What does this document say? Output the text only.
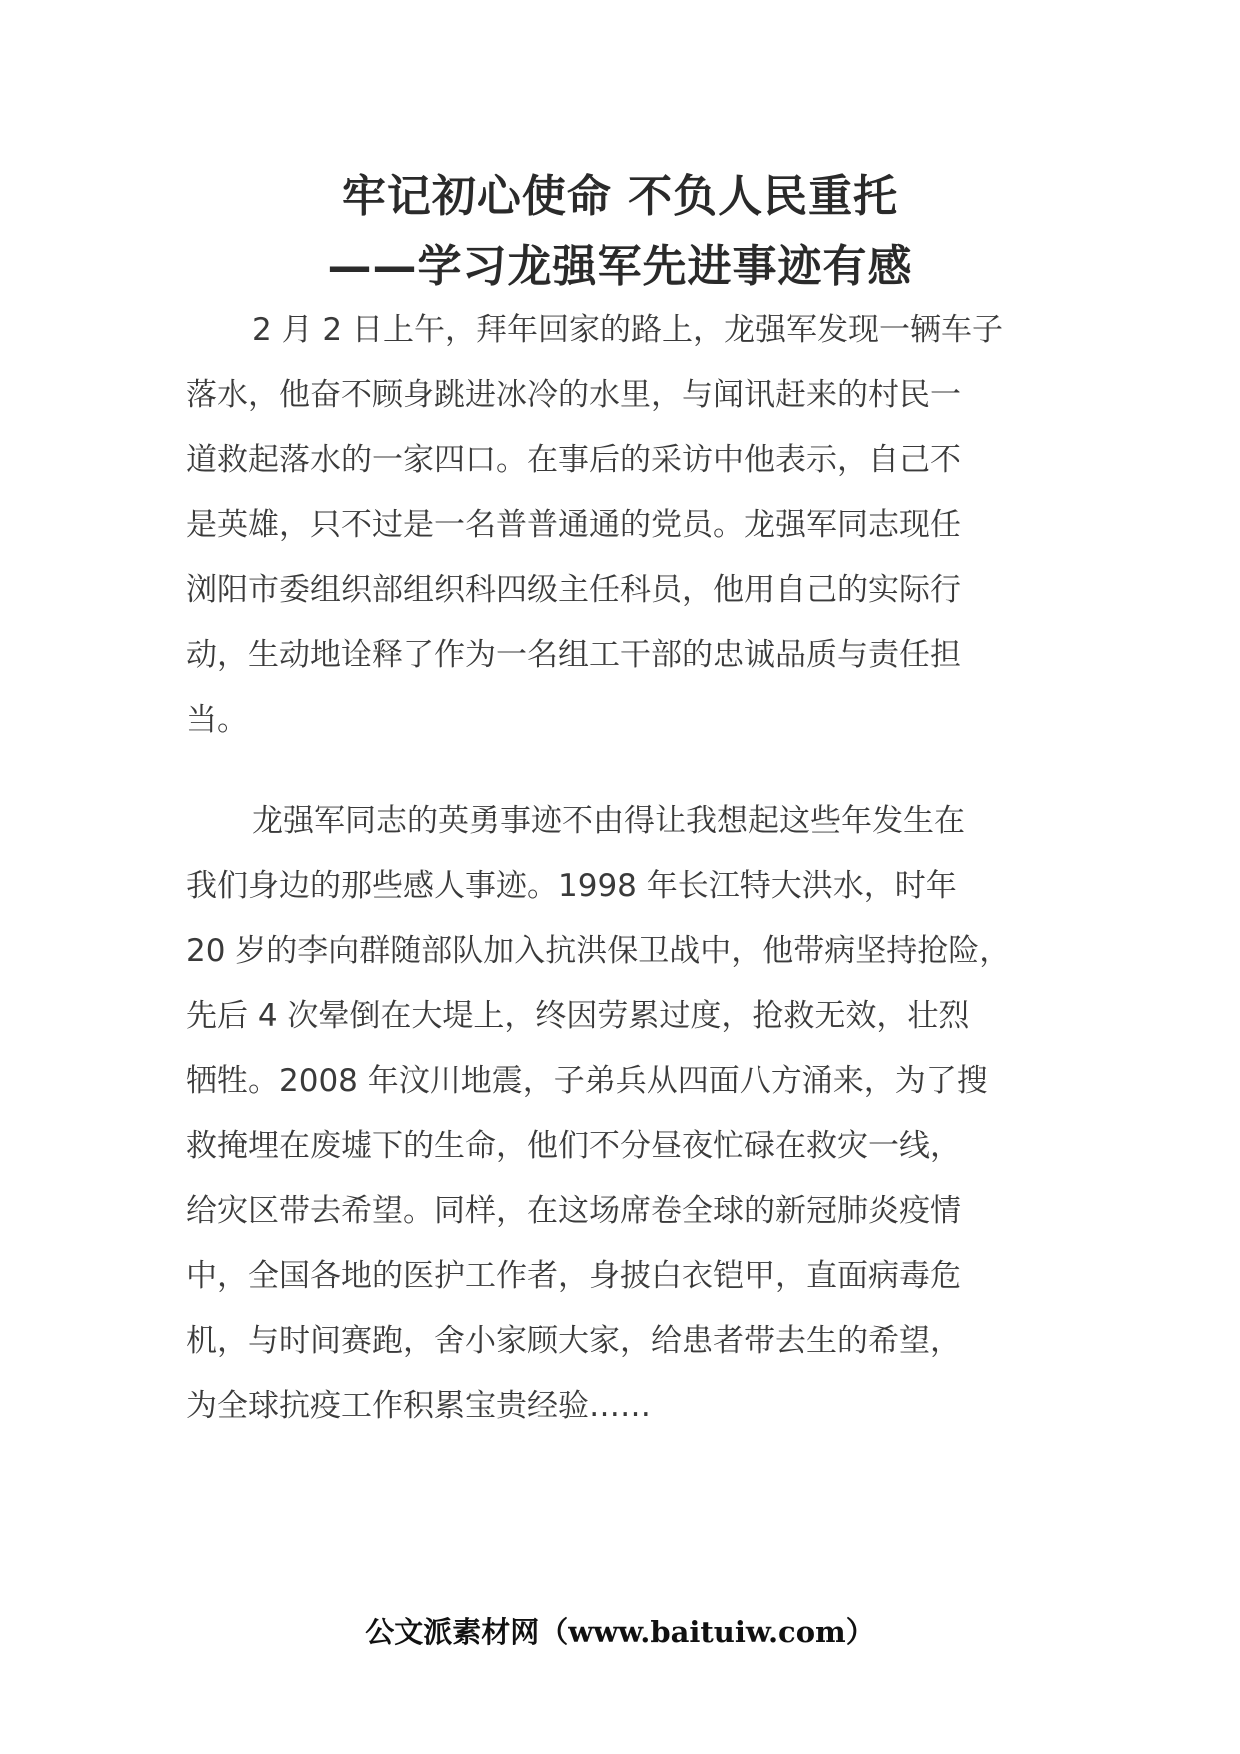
牢记初心使命 不负人民重托
——学习龙强军先进事迹有感
2 月 2 日上午，拜年回家的路上，龙强军发现一辆车子
落水，他奋不顾身跳进冰冷的水里，与闻讯赶来的村民一
道救起落水的一家四口。在事后的采访中他表示，自己不
是英雄，只不过是一名普普通通的党员。龙强军同志现任
浏阳市委组织部组织科四级主任科员，他用自己的实际行
动，生动地诠释了作为一名组工干部的忠诚品质与责任担
当。
龙强军同志的英勇事迹不由得让我想起这些年发生在
我们身边的那些感人事迹。1998 年长江特大洪水，时年
20 岁的李向群随部队加入抗洪保卫战中，他带病坚持抢险，
先后 4 次晕倒在大堤上，终因劳累过度，抢救无效，壮烈
牺牲。2008 年汶川地震，子弟兵从四面八方涌来，为了搜
救掩埋在废墟下的生命，他们不分昼夜忙碌在救灾一线，
给灾区带去希望。同样，在这场席卷全球的新冠肺炎疫情
中，全国各地的医护工作者，身披白衣铠甲，直面病毒危
机，与时间赛跑，舍小家顾大家，给患者带去生的希望，
为全球抗疫工作积累宝贵经验……
公文派素材网（www.baituiw.com）
